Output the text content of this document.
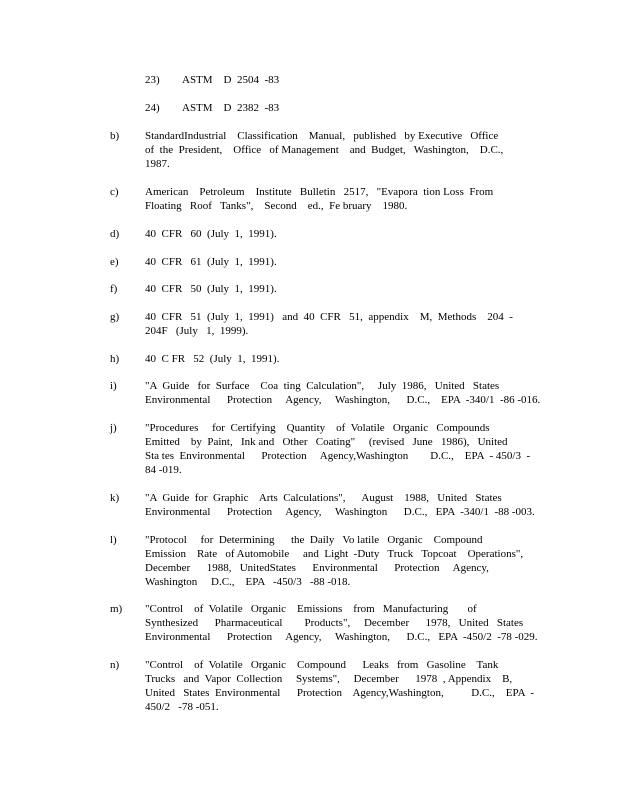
23) ASTM    D  2504  -83
24) ASTM    D  2382  -83
b) StandardIndustrial    Classification    Manual,   published   by Executive   Office
of  the  President,    Office   of Management    and  Budget,   Washington,    D.C.,
1987.
c) American    Petroleum    Institute   Bulletin   2517,   "Evapora  tion Loss  From
Floating   Roof   Tanks",    Second    ed.,  Fe bruary    1980.
d) 40  CFR   60  (July  1,  1991).
e) 40  CFR   61  (July  1,  1991).
f)	40  CFR   50  (July  1,  1991).
g) 40  CFR   51  (July  1,  1991)   and  40  CFR   51,  appendix    M,  Methods    204  -
204F   (July   1,  1999).
h) 40  C FR   52  (July  1,  1991).
i)	"A  Guide   for  Surface    Coa  ting  Calculation",     July  1986,   United   States
Environmental      Protection     Agency,     Washington,      D.C.,    EPA  -340/1  -86 -016.
j)	"Procedures     for  Certifying    Quantity    of  Volatile   Organic   Compounds
Emitted    by  Paint,   Ink and   Other   Coating"     (revised   June   1986),   United
Sta tes  Environmental      Protection     Agency,Washington        D.C.,    EPA  - 450/3  -
84 -019.
k) "A  Guide  for  Graphic    Arts  Calculations",      August    1988,   United   States
Environmental      Protection     Agency,     Washington      D.C.,   EPA  -340/1  -88 -003.
l)	"Protocol     for  Determining      the  Daily   Vo latile   Organic    Compound
Emission    Rate   of Automobile     and  Light  -Duty   Truck   Topcoat    Operations",
December      1988,   UnitedStates      Environmental      Protection     Agency,
Washington     D.C.,    EPA   -450/3   -88 -018.
m) "Control    of  Volatile   Organic    Emissions    from   Manufacturing       of
Synthesized      Pharmaceutical        Products",     December      1978,   United   States
Environmental      Protection     Agency,     Washington,      D.C.,   EPA  -450/2  -78 -029.
n) "Control    of  Volatile   Organic    Compound      Leaks   from   Gasoline    Tank
Trucks   and  Vapor  Collection     Systems",     December      1978  , Appendix    B,
United   States  Environmental      Protection    Agency,Washington,          D.C.,    EPA  -
450/2   -78 -051.
